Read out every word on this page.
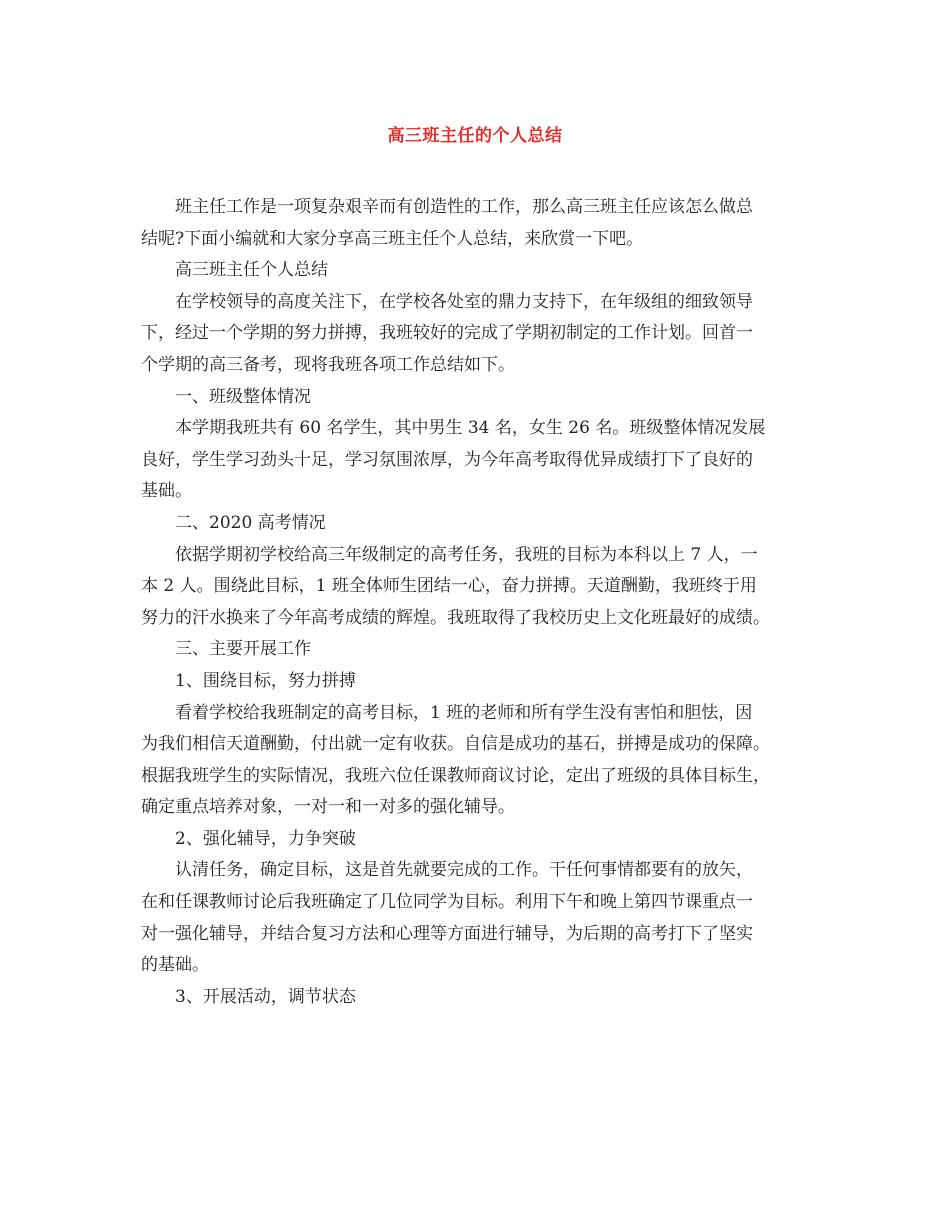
高三班主任的个人总结

班主任工作是一项复杂艰辛而有创造性的工作，那么高三班主任应该怎么做总
结呢?下面小编就和大家分享高三班主任个人总结，来欣赏一下吧。

高三班主任个人总结

在学校领导的高度关注下，在学校各处室的鼎力支持下，在年级组的细致领导
下，经过一个学期的努力拼搏，我班较好的完成了学期初制定的工作计划。回首一
个学期的高三备考，现将我班各项工作总结如下。

一、班级整体情况

本学期我班共有 60 名学生，其中男生 34 名，女生 26 名。班级整体情况发展
良好，学生学习劲头十足，学习氛围浓厚，为今年高考取得优异成绩打下了良好的
基础。

二、2020 高考情况

依据学期初学校给高三年级制定的高考任务，我班的目标为本科以上 7 人，一
本 2 人。围绕此目标，1 班全体师生团结一心，奋力拼搏。天道酬勤，我班终于用
努力的汗水换来了今年高考成绩的辉煌。我班取得了我校历史上文化班最好的成绩。

三、主要开展工作

1、围绕目标，努力拼搏

看着学校给我班制定的高考目标，1 班的老师和所有学生没有害怕和胆怯，因
为我们相信天道酬勤，付出就一定有收获。自信是成功的基石，拼搏是成功的保障。
根据我班学生的实际情况，我班六位任课教师商议讨论，定出了班级的具体目标生，
确定重点培养对象，一对一和一对多的强化辅导。

2、强化辅导，力争突破

认清任务，确定目标，这是首先就要完成的工作。干任何事情都要有的放矢，
在和任课教师讨论后我班确定了几位同学为目标。利用下午和晚上第四节课重点一
对一强化辅导，并结合复习方法和心理等方面进行辅导，为后期的高考打下了坚实
的基础。

3、开展活动，调节状态
